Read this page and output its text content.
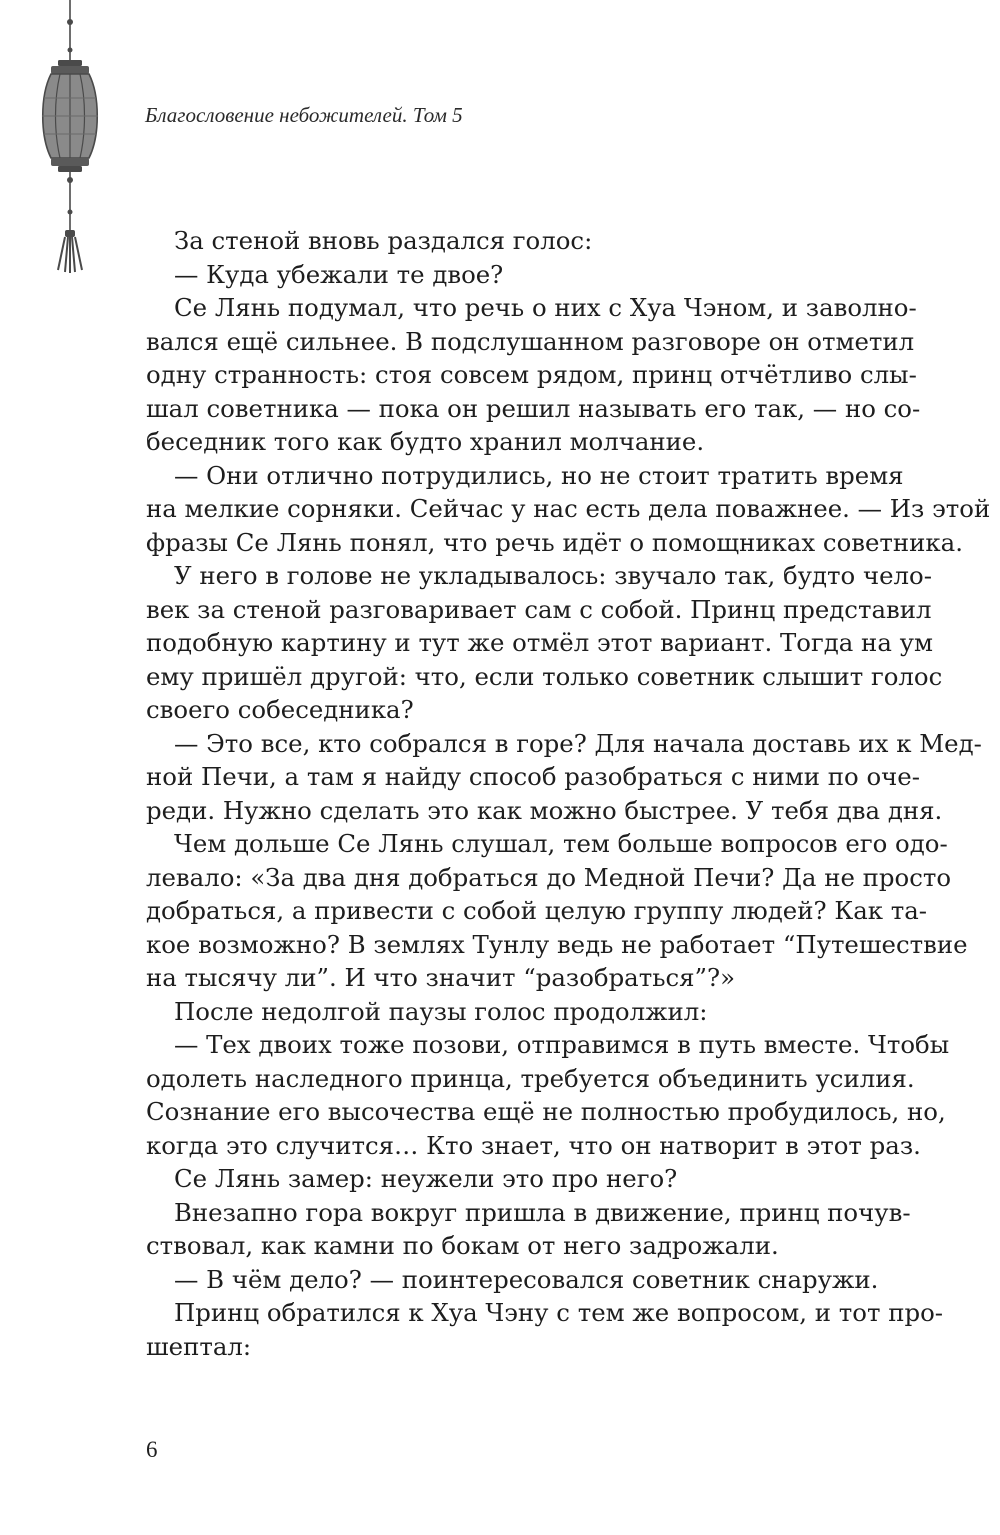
Благословение небожителей. Том 5
За стеной вновь раздался голос:
— Куда убежали те двое?
Се Лянь подумал, что речь о них с Хуа Чэном, и заволно-
вался ещё сильнее. В подслушанном разговоре он отметил
одну странность: стоя совсем рядом, принц отчётливо слы-
шал советника — пока он решил называть его так, — но со-
беседник того как будто хранил молчание.
— Они отлично потрудились, но не стоит тратить время
на мелкие сорняки. Сейчас у нас есть дела поважнее. — Из этой
фразы Се Лянь понял, что речь идёт о помощниках советника.
У него в голове не укладывалось: звучало так, будто чело-
век за стеной разговаривает сам с собой. Принц представил
подобную картину и тут же отмёл этот вариант. Тогда на ум
ему пришёл другой: что, если только советник слышит голос
своего собеседника?
— Это все, кто собрался в горе? Для начала доставь их к Мед-
ной Печи, а там я найду способ разобраться с ними по оче-
реди. Нужно сделать это как можно быстрее. У тебя два дня.
Чем дольше Се Лянь слушал, тем больше вопросов его одо-
левало: «За два дня добраться до Медной Печи? Да не просто
добраться, а привести с собой целую группу людей? Как та-
кое возможно? В землях Тунлу ведь не работает “Путешествие
на тысячу ли”. И что значит “разобраться”?»
После недолгой паузы голос продолжил:
— Тех двоих тоже позови, отправимся в путь вместе. Чтобы
одолеть наследного принца, требуется объединить усилия.
Сознание его высочества ещё не полностью пробудилось, но,
когда это случится… Кто знает, что он натворит в этот раз.
Се Лянь замер: неужели это про него?
Внезапно гора вокруг пришла в движение, принц почув-
ствовал, как камни по бокам от него задрожали.
— В чём дело? — поинтересовался советник снаружи.
Принц обратился к Хуа Чэну с тем же вопросом, и тот про-
шептал:
6
